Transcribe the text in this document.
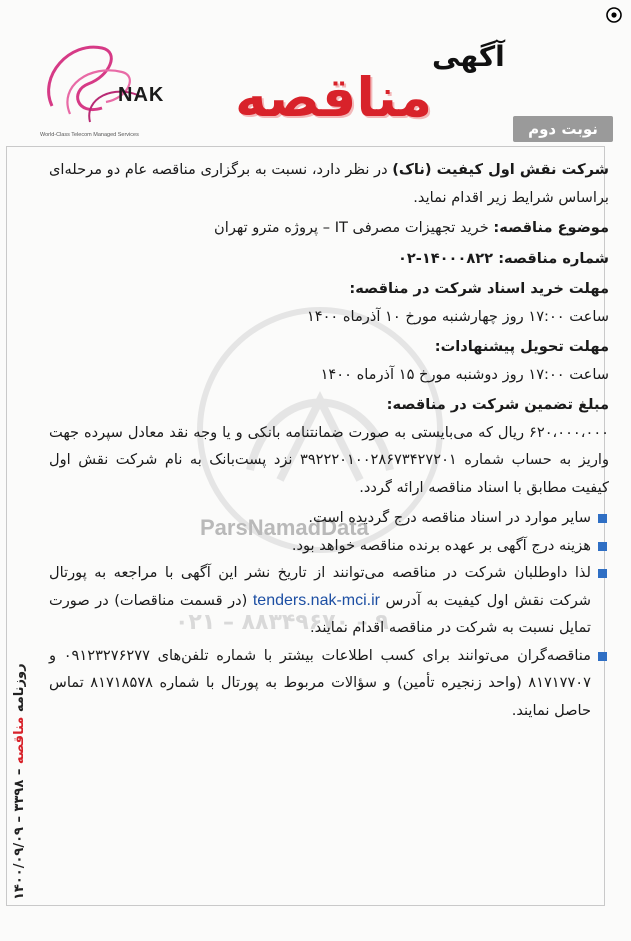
NAK
World-Class Telecom Managed Services
آگهی
مناقصه	نوبت دوم
ParsNamadData
۰۲۱ – ۸۸۳۴۹۶۷۰ – ۹
روزنامه مناقصه – ۳۳۹۸ – ۱۴۰۰/۰۹/۰۹

شرکت نقش اول کیفیت (ناک) در نظر دارد، نسبت به برگزاری مناقصه عام دو مرحله‌ای براساس شرایط زیر اقدام نماید.

موضوع مناقصه: خرید تجهیزات مصرفی IT – پروژه مترو تهران

شماره مناقصه: ۱۴۰۰۰۸۲۲-۰۲

مهلت خرید اسناد شرکت در مناقصه:

ساعت ۱۷:۰۰ روز چهارشنبه مورخ ۱۰ آذرماه ۱۴۰۰

مهلت تحویل پیشنهادات:

ساعت ۱۷:۰۰ روز دوشنبه مورخ ۱۵ آذرماه ۱۴۰۰

مبلغ تضمین شرکت در مناقصه:

۶۲۰،۰۰۰،۰۰۰ ریال که می‌بایستی به صورت ضمانتنامه بانکی و یا وجه نقد معادل سپرده جهت واریز به حساب شماره ۳۹۲۲۲۰۱۰۰۲۸۶۷۳۴۲۷۲۰۱ نزد پست‌بانک به نام شرکت نقش اول کیفیت مطابق با اسناد مناقصه ارائه گردد.

سایر موارد در اسناد مناقصه درج گردیده است.

هزینه درج آگهی بر عهده برنده مناقصه خواهد بود.

لذا داوطلبان شرکت در مناقصه می‌توانند از تاریخ نشر این آگهی با مراجعه به پورتال شرکت نقش اول کیفیت به آدرس tenders.nak-mci.ir (در قسمت مناقصات) در صورت تمایل نسبت به شرکت در مناقصه اقدام نمایند.

مناقصه‌گران می‌توانند برای کسب اطلاعات بیشتر با شماره تلفن‌های ۰۹۱۲۳۲۷۶۲۷۷ و ۸۱۷۱۷۷۰۷ (واحد زنجیره تأمین) و سؤالات مربوط به پورتال با شماره ۸۱۷۱۸۵۷۸ تماس حاصل نمایند.
